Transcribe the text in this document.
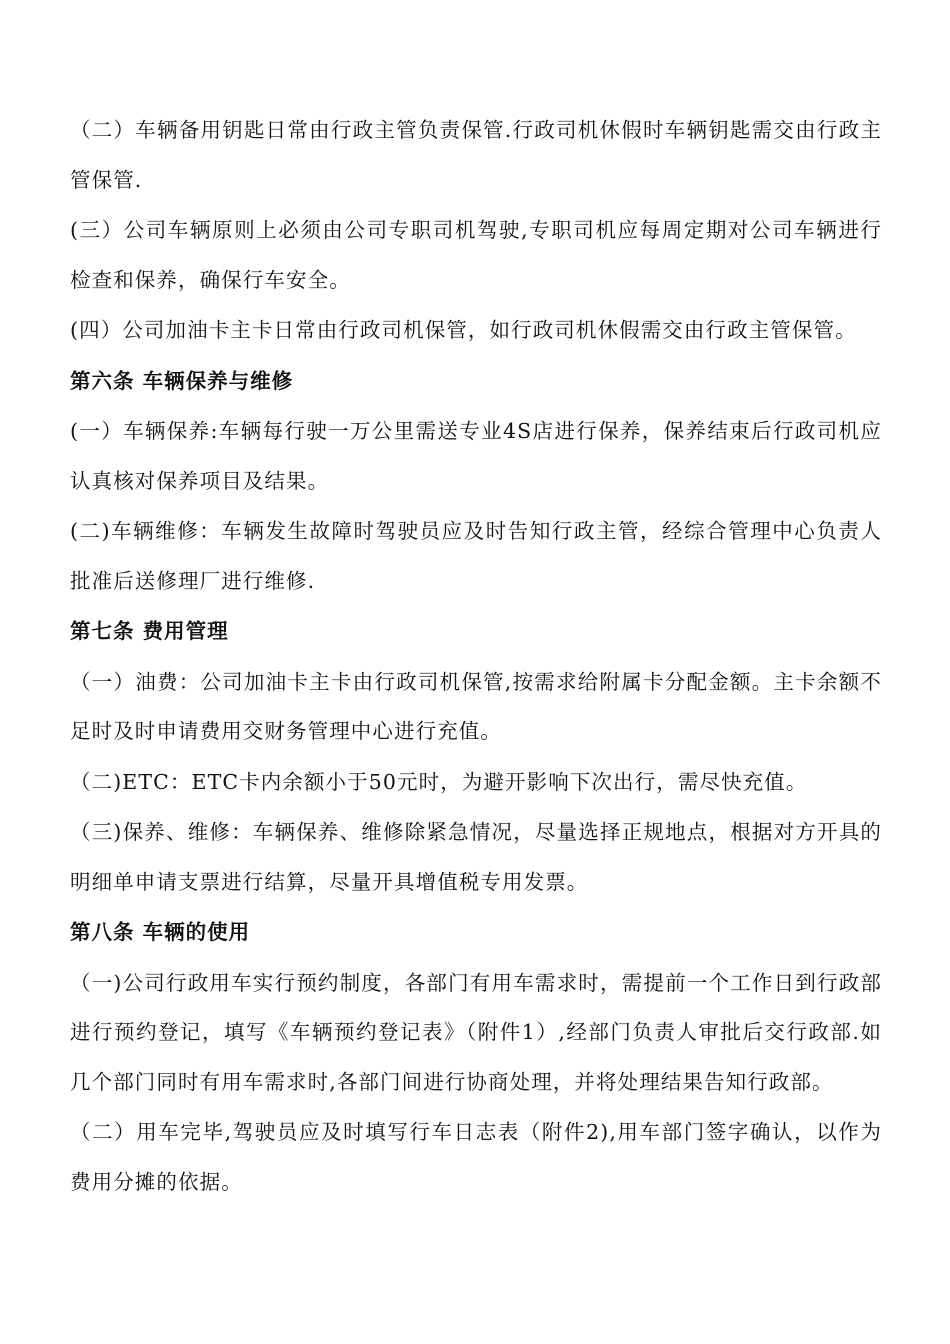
（二）车辆备用钥匙日常由行政主管负责保管.行政司机休假时车辆钥匙需交由行政主管保管.

(三）公司车辆原则上必须由公司专职司机驾驶,专职司机应每周定期对公司车辆进行检查和保养，确保行车安全。

(四）公司加油卡主卡日常由行政司机保管，如行政司机休假需交由行政主管保管。

第六条 车辆保养与维修

(一）车辆保养:车辆每行驶一万公里需送专业4S店进行保养，保养结束后行政司机应认真核对保养项目及结果。

(二)车辆维修：车辆发生故障时驾驶员应及时告知行政主管，经综合管理中心负责人批准后送修理厂进行维修.

第七条 费用管理

（一）油费：公司加油卡主卡由行政司机保管,按需求给附属卡分配金额。主卡余额不足时及时申请费用交财务管理中心进行充值。

（二)ETC：ETC卡内余额小于50元时，为避开影响下次出行，需尽快充值。

（三)保养、维修：车辆保养、维修除紧急情况，尽量选择正规地点，根据对方开具的明细单申请支票进行结算，尽量开具增值税专用发票。

第八条 车辆的使用

（一)公司行政用车实行预约制度，各部门有用车需求时，需提前一个工作日到行政部进行预约登记，填写《车辆预约登记表》（附件1）,经部门负责人审批后交行政部.如几个部门同时有用车需求时,各部门间进行协商处理，并将处理结果告知行政部。

（二）用车完毕,驾驶员应及时填写行车日志表（附件2),用车部门签字确认，以作为费用分摊的依据。
